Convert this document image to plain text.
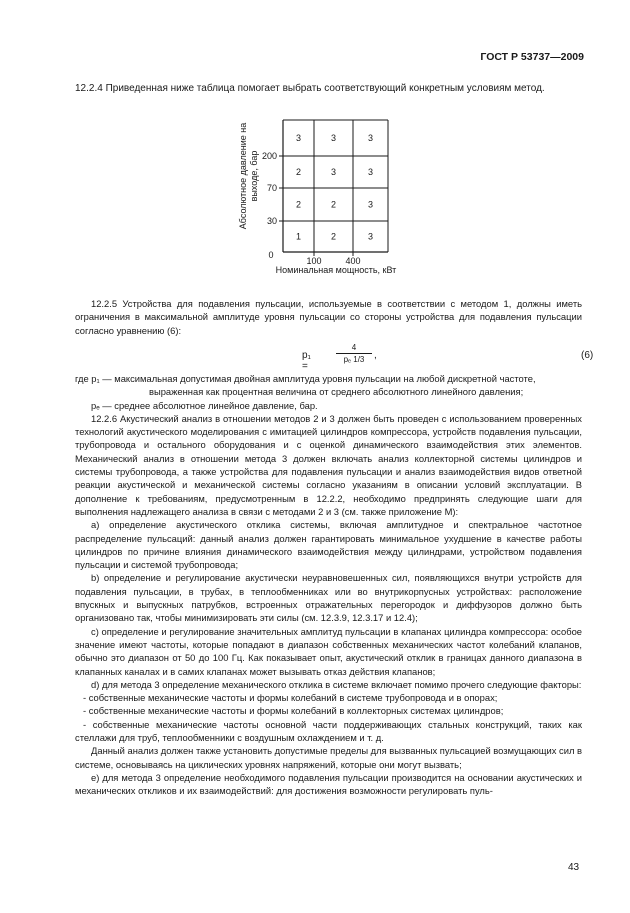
ГОСТ Р 53737—2009
12.2.4 Приведенная ниже таблица помогает выбрать соответствующий конкретным условиям метод.
3	3	3
2	3	3
2	2	3
1	2	3
30
70
200
100	400
0
Номинальная мощность, кВт
Абсолютное давление на выходе, бар

12.2.5 Устройства для подавления пульсации, используемые в соответствии с методом 1, должны иметь ограничения в максимальной амплитуде уровня пульсации со стороны устройства для подавления пульсации согласно уравнению (6):

p₁ =
$\frac{4}{\text{pₑ 1/3}}$ ,	(6)

где p₁ — максимальная допустимая двойная амплитуда уровня пульсации на любой дискретной частоте,

выраженная как процентная величина от среднего абсолютного линейного давления;

pₑ — среднее абсолютное линейное давление, бар.

12.2.6 Акустический анализ в отношении методов 2 и 3 должен быть проведен с использованием проверенных технологий акустического моделирования с имитацией цилиндров компрессора, устройств подавления пульсации, трубопровода и остального оборудования и с оценкой динамического взаимодействия этих элементов. Механический анализ в отношении метода 3 должен включать анализ коллекторной системы цилиндров и системы трубопровода, а также устройства для подавления пульсации и анализ взаимодействия видов ответной реакции акустической и механической системы согласно указаниям в описании условий эксплуатации. В дополнение к требованиям, предусмотренным в 12.2.2, необходимо предпринять следующие шаги для выполнения надлежащего анализа в связи с методами 2 и 3 (см. также приложение М):

а) определение акустического отклика системы, включая амплитудное и спектральное частотное распределение пульсаций: данный анализ должен гарантировать минимальное ухудшение в качестве работы цилиндров по причине влияния динамического взаимодействия между цилиндрами, устройством подавления пульсации и системой трубопровода;

b) определение и регулирование акустически неуравновешенных сил, появляющихся внутри устройств для подавления пульсации, в трубах, в теплообменниках или во внутрикорпусных устройствах: расположение впускных и выпускных патрубков, встроенных отражательных перегородок и диффузоров должно быть организовано так, чтобы минимизировать эти силы (см. 12.3.9, 12.3.17 и 12.4);

c) определение и регулирование значительных амплитуд пульсации в клапанах цилиндра компрессора: особое значение имеют частоты, которые попадают в диапазон собственных механических частот колебаний клапанов, обычно это диапазон от 50 до 100 Гц. Как показывает опыт, акустический отклик в границах данного диапазона в клапанных каналах и в самих клапанах может вызывать отказ действия клапанов;

d) для метода 3 определение механического отклика в системе включает помимо прочего следующие факторы:

- собственные механические частоты и формы колебаний в системе трубопровода и в опорах;

- собственные механические частоты и формы колебаний в коллекторных системах цилиндров;

- собственные механические частоты основной части поддерживающих стальных конструкций, таких как стеллажи для труб, теплообменники с воздушным охлаждением и т. д.

Данный анализ должен также установить допустимые пределы для вызванных пульсацией возмущающих сил в системе, основываясь на циклических уровнях напряжений, которые они могут вызвать;

е) для метода 3 определение необходимого подавления пульсации производится на основании акустических и механических откликов и их взаимодействий: для достижения возможности регулировать пуль-

43
